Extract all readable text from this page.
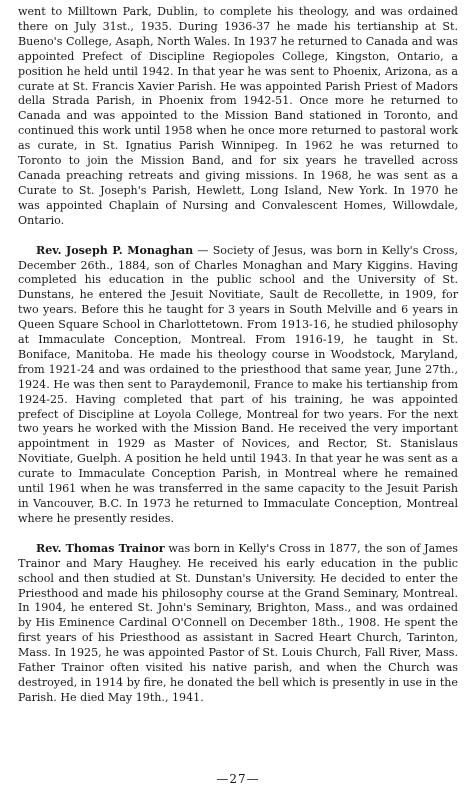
went to Milltown Park, Dublin, to complete his theology, and was ordained there on July 31st., 1935. During 1936-37 he made his tertianship at St. Bueno's College, Asaph, North Wales. In 1937 he returned to Canada and was appointed Prefect of Discipline Regiopoles College, Kingston, Ontario, a position he held until 1942. In that year he was sent to Phoenix, Arizona, as a curate at St. Francis Xavier Parish. He was appointed Parish Priest of Madors della Strada Parish, in Phoenix from 1942-51. Once more he returned to Canada and was appointed to the Mission Band stationed in Toronto, and continued this work until 1958 when he once more returned to pastoral work as curate, in St. Ignatius Parish Winnipeg. In 1962 he was returned to Toronto to join the Mission Band, and for six years he travelled across Canada preaching retreats and giving missions. In 1968, he was sent as a Curate to St. Joseph's Parish, Hewlett, Long Island, New York. In 1970 he was appointed Chaplain of Nursing and Convalescent Homes, Willowdale, Ontario.

Rev. Joseph P. Monaghan — Society of Jesus, was born in Kelly's Cross, December 26th., 1884, son of Charles Monaghan and Mary Kiggins. Having completed his education in the public school and the University of St. Dunstans, he entered the Jesuit Novitiate, Sault de Recollette, in 1909, for two years. Before this he taught for 3 years in South Melville and 6 years in Queen Square School in Charlottetown. From 1913-16, he studied philosophy at Immaculate Conception, Montreal. From 1916-19, he taught in St. Boniface, Manitoba. He made his theology course in Woodstock, Maryland, from 1921-24 and was ordained to the priesthood that same year, June 27th., 1924. He was then sent to Paraydemonil, France to make his tertianship from 1924-25. Having completed that part of his training, he was appointed prefect of Discipline at Loyola College, Montreal for two years. For the next two years he worked with the Mission Band. He received the very important appointment in 1929 as Master of Novices, and Rector, St. Stanislaus Novitiate, Guelph. A position he held until 1943. In that year he was sent as a curate to Immaculate Conception Parish, in Montreal where he remained until 1961 when he was transferred in the same capacity to the Jesuit Parish in Vancouver, B.C. In 1973 he returned to Immaculate Conception, Montreal where he presently resides.

Rev. Thomas Trainor was born in Kelly's Cross in 1877, the son of James Trainor and Mary Haughey. He received his early education in the public school and then studied at St. Dunstan's University. He decided to enter the Priesthood and made his philosophy course at the Grand Seminary, Montreal. In 1904, he entered St. John's Seminary, Brighton, Mass., and was ordained by His Eminence Cardinal O'Connell on December 18th., 1908. He spent the first years of his Priesthood as assistant in Sacred Heart Church, Tarinton, Mass. In 1925, he was appointed Pastor of St. Louis Church, Fall River, Mass. Father Trainor often visited his native parish, and when the Church was destroyed, in 1914 by fire, he donated the bell which is presently in use in the Parish. He died May 19th., 1941.

—27—
